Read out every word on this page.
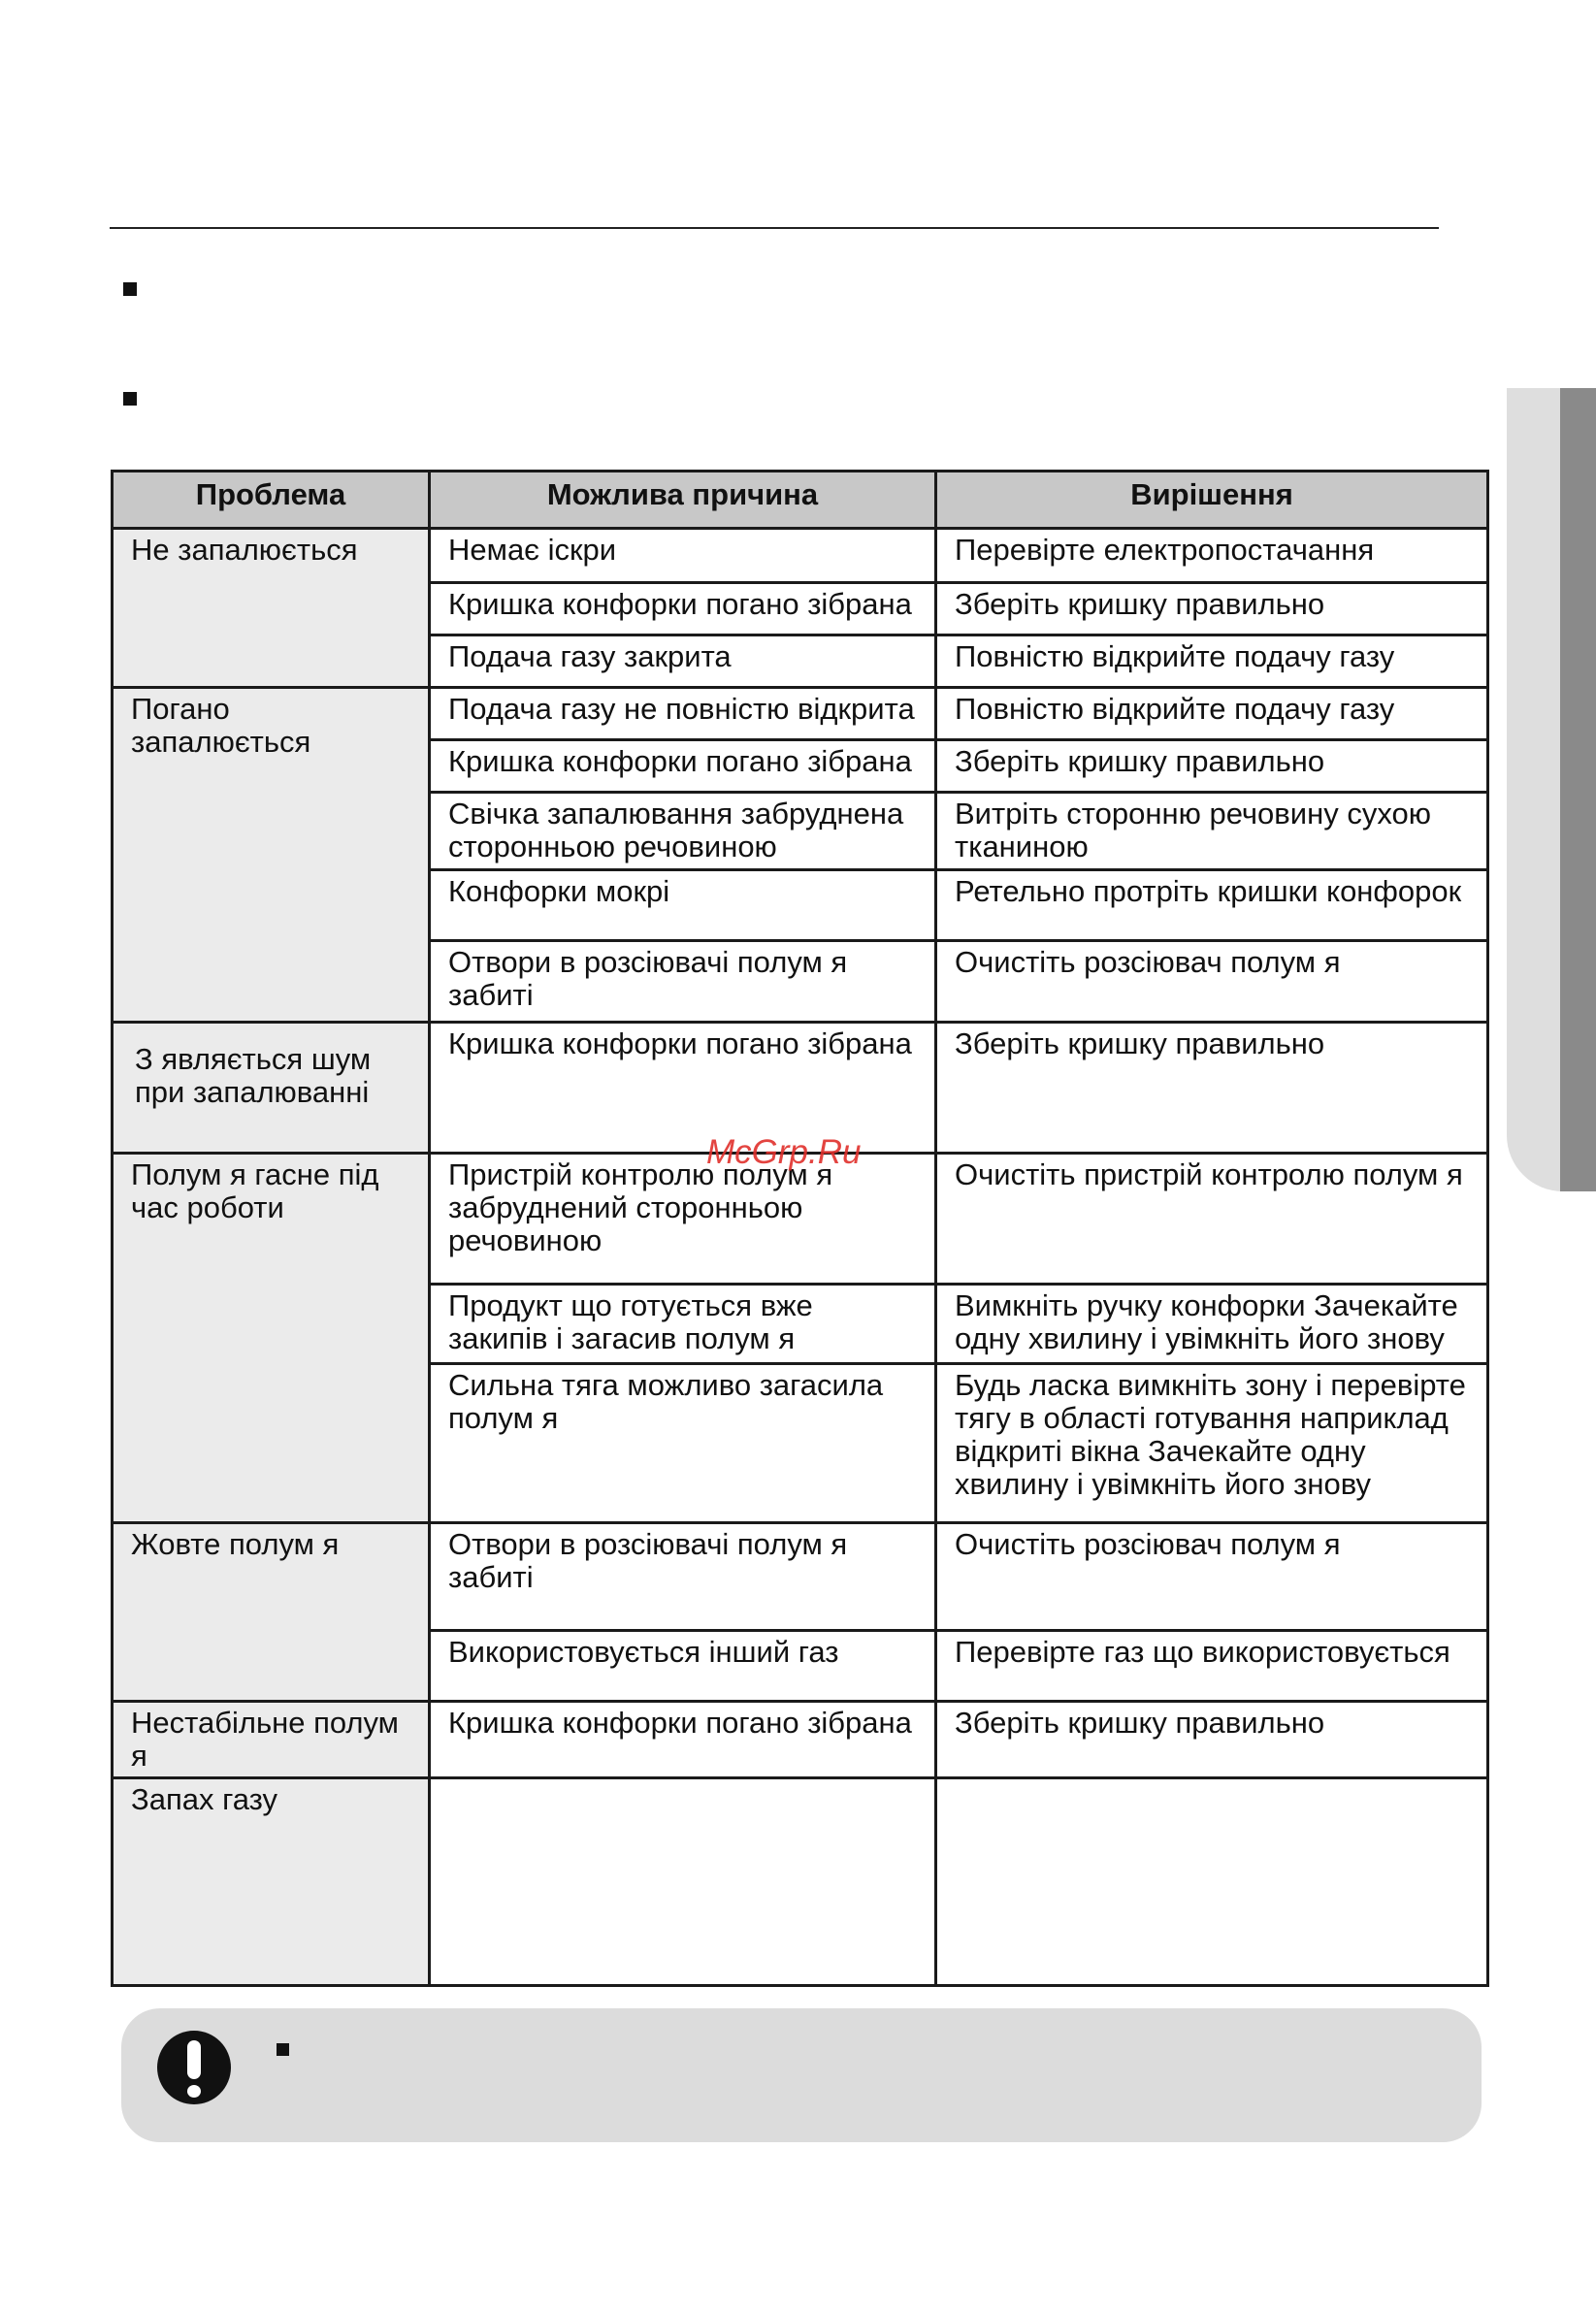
Проблема	Можлива причина	Вирішення
Не запалюється	Немає іскри	Перевірте електропостачання
	Кришка конфорки погано зібрана	Зберіть кришку правильно
	Подача газу закрита	Повністю відкрийте подачу газу
Погано запалюється	Подача газу не повністю відкрита	Повністю відкрийте подачу газу
	Кришка конфорки погано зібрана	Зберіть кришку правильно
	Свічка запалювання забруднена сторонньою речовиною	Витріть сторонню речовину сухою тканиною
	Конфорки мокрі	Ретельно протріть кришки конфорок
	Отвори в розсіювачі полум я забиті	Очистіть розсіювач полум я
З являється шум при запалюванні	Кришка конфорки погано зібрана	Зберіть кришку правильно
Полум я гасне під час роботи	Пристрій контролю полум я забруднений сторонньою речовиною	Очистіть пристрій контролю полум я
	Продукт що готується вже закипів і загасив полум я	Вимкніть ручку конфорки Зачекайте одну хвилину і увімкніть його знову
	Сильна тяга можливо загасила полум я	Будь ласка вимкніть зону і перевірте тягу в області готування наприклад відкриті вікна Зачекайте одну хвилину і увімкніть його знову
Жовте полум я	Отвори в розсіювачі полум я забиті	Очистіть розсіювач полум я
	Використовується інший газ	Перевірте газ що використовується
Нестабільне полум я	Кришка конфорки погано зібрана	Зберіть кришку правильно
Запах газу		
McGrp.Ru
